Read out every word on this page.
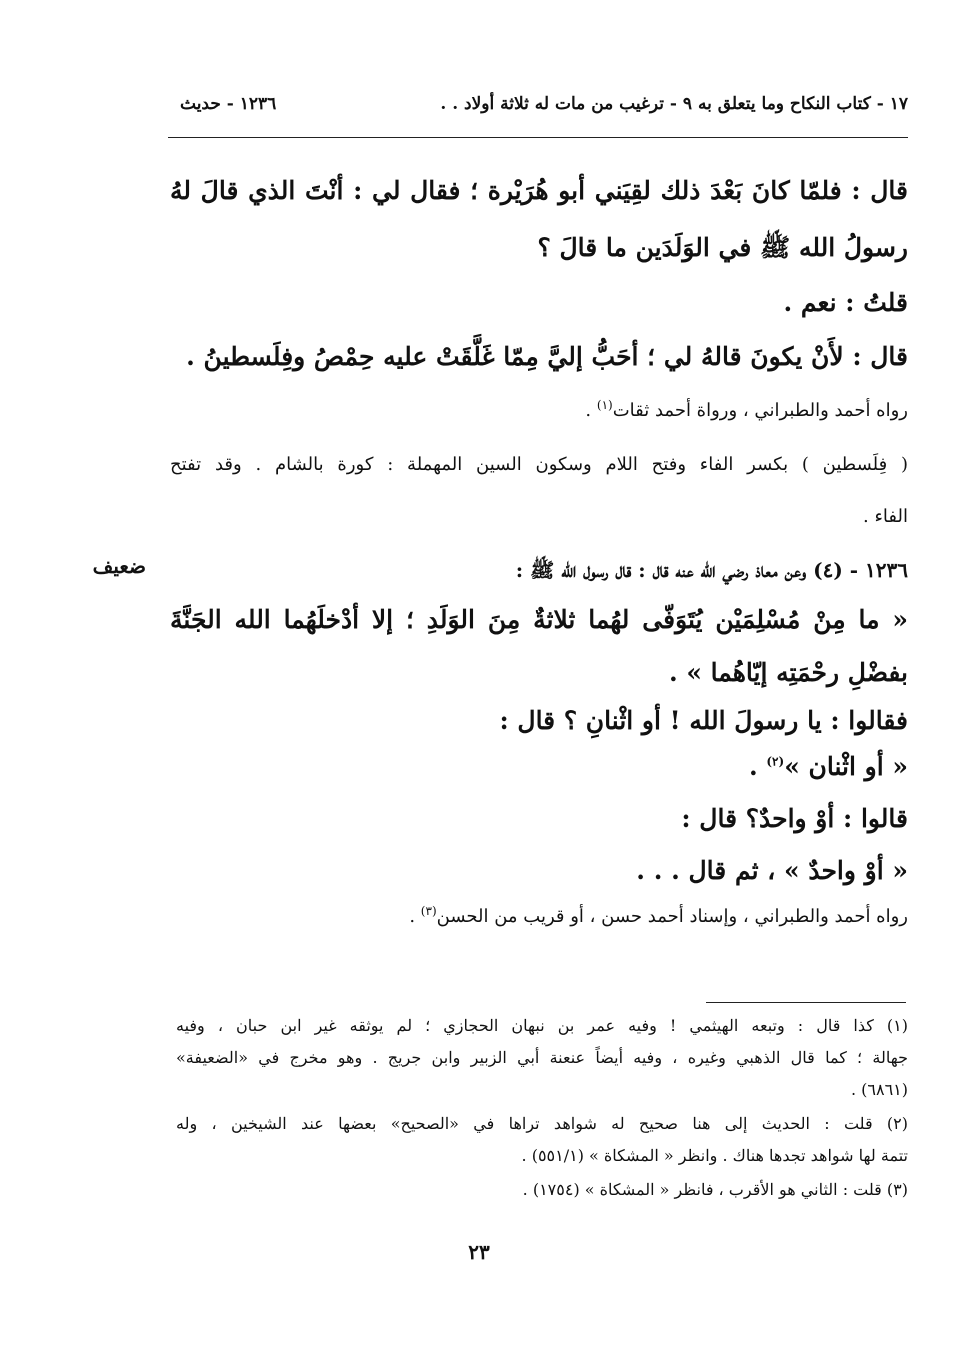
١٧ - كتاب النكاح وما يتعلق به ٩ - ترغيب من مات له ثلاثة أولاد . .
١٢٣٦ - حديث
قال : فلمّا كانَ بَعْدَ ذلك لقِيَني أبو هُرَيْرة ؛ فقال لي : أنْتَ الذي قالَ لهُ
رسولُ الله ﷺ في الوَلَدَين ما قالَ ؟
قلتُ : نعم .
قال : لأَنْ يكونَ قالهُ لي ؛ أحَبُّ إليَّ مِمّا غَلَّقَتْ عليه حِمْصُ وفِلَسطينُ .
رواه أحمد والطبراني ، ورواة أحمد ثقات$^{(١)}$ .
( فِلَسطين ) بكسر الفاء وفتح اللام وسكون السين المهملة : كورة بالشام . وقد تفتح
الفاء .
ضعيف	١٢٣٦ - (٤) وعن معاذ رضي الله عنه قال : قال رسول الله ﷺ :
« ما مِنْ مُسْلِمَيْن يُتَوَفّى لهُما ثلاثةٌ مِنَ الوَلَدِ ؛ إلا أدْخلَهُما الله الجَنَّةَ
بفضْلِ رحْمَتِه إيّاهُما » .
فقالوا : يا رسولَ الله ! أو اثْنانِ ؟ قال :
« أو اثْنان »$^{(٢)}$ .
قالوا : أوْ واحدٌ؟ قال :
« أوْ واحدٌ » ، ثم قال . . .
رواه أحمد والطبراني ، وإسناد أحمد حسن ، أو قريب من الحسن$^{(٣)}$ .
(١) كذا قال : وتبعه الهيثمي ! وفيه عمر بن نبهان الحجازي ؛ لم يوثقه غير ابن حبان ، وفيه
جهالة ؛ كما قال الذهبي وغيره ، وفيه أيضاً عنعنة أبي الزبير وابن جريج . وهو مخرج في «الضعيفة»
(٦٨٦١) .
(٢) قلت : الحديث إلى هنا صحيح له شواهد تراها في «الصحيح» بعضها عند الشيخين ، وله
تتمة لها شواهد تجدها هناك . وانظر « المشكاة » (٥٥١/١) .
(٣) قلت : الثاني هو الأقرب ، فانظر « المشكاة » (١٧٥٤) .
٢٣
